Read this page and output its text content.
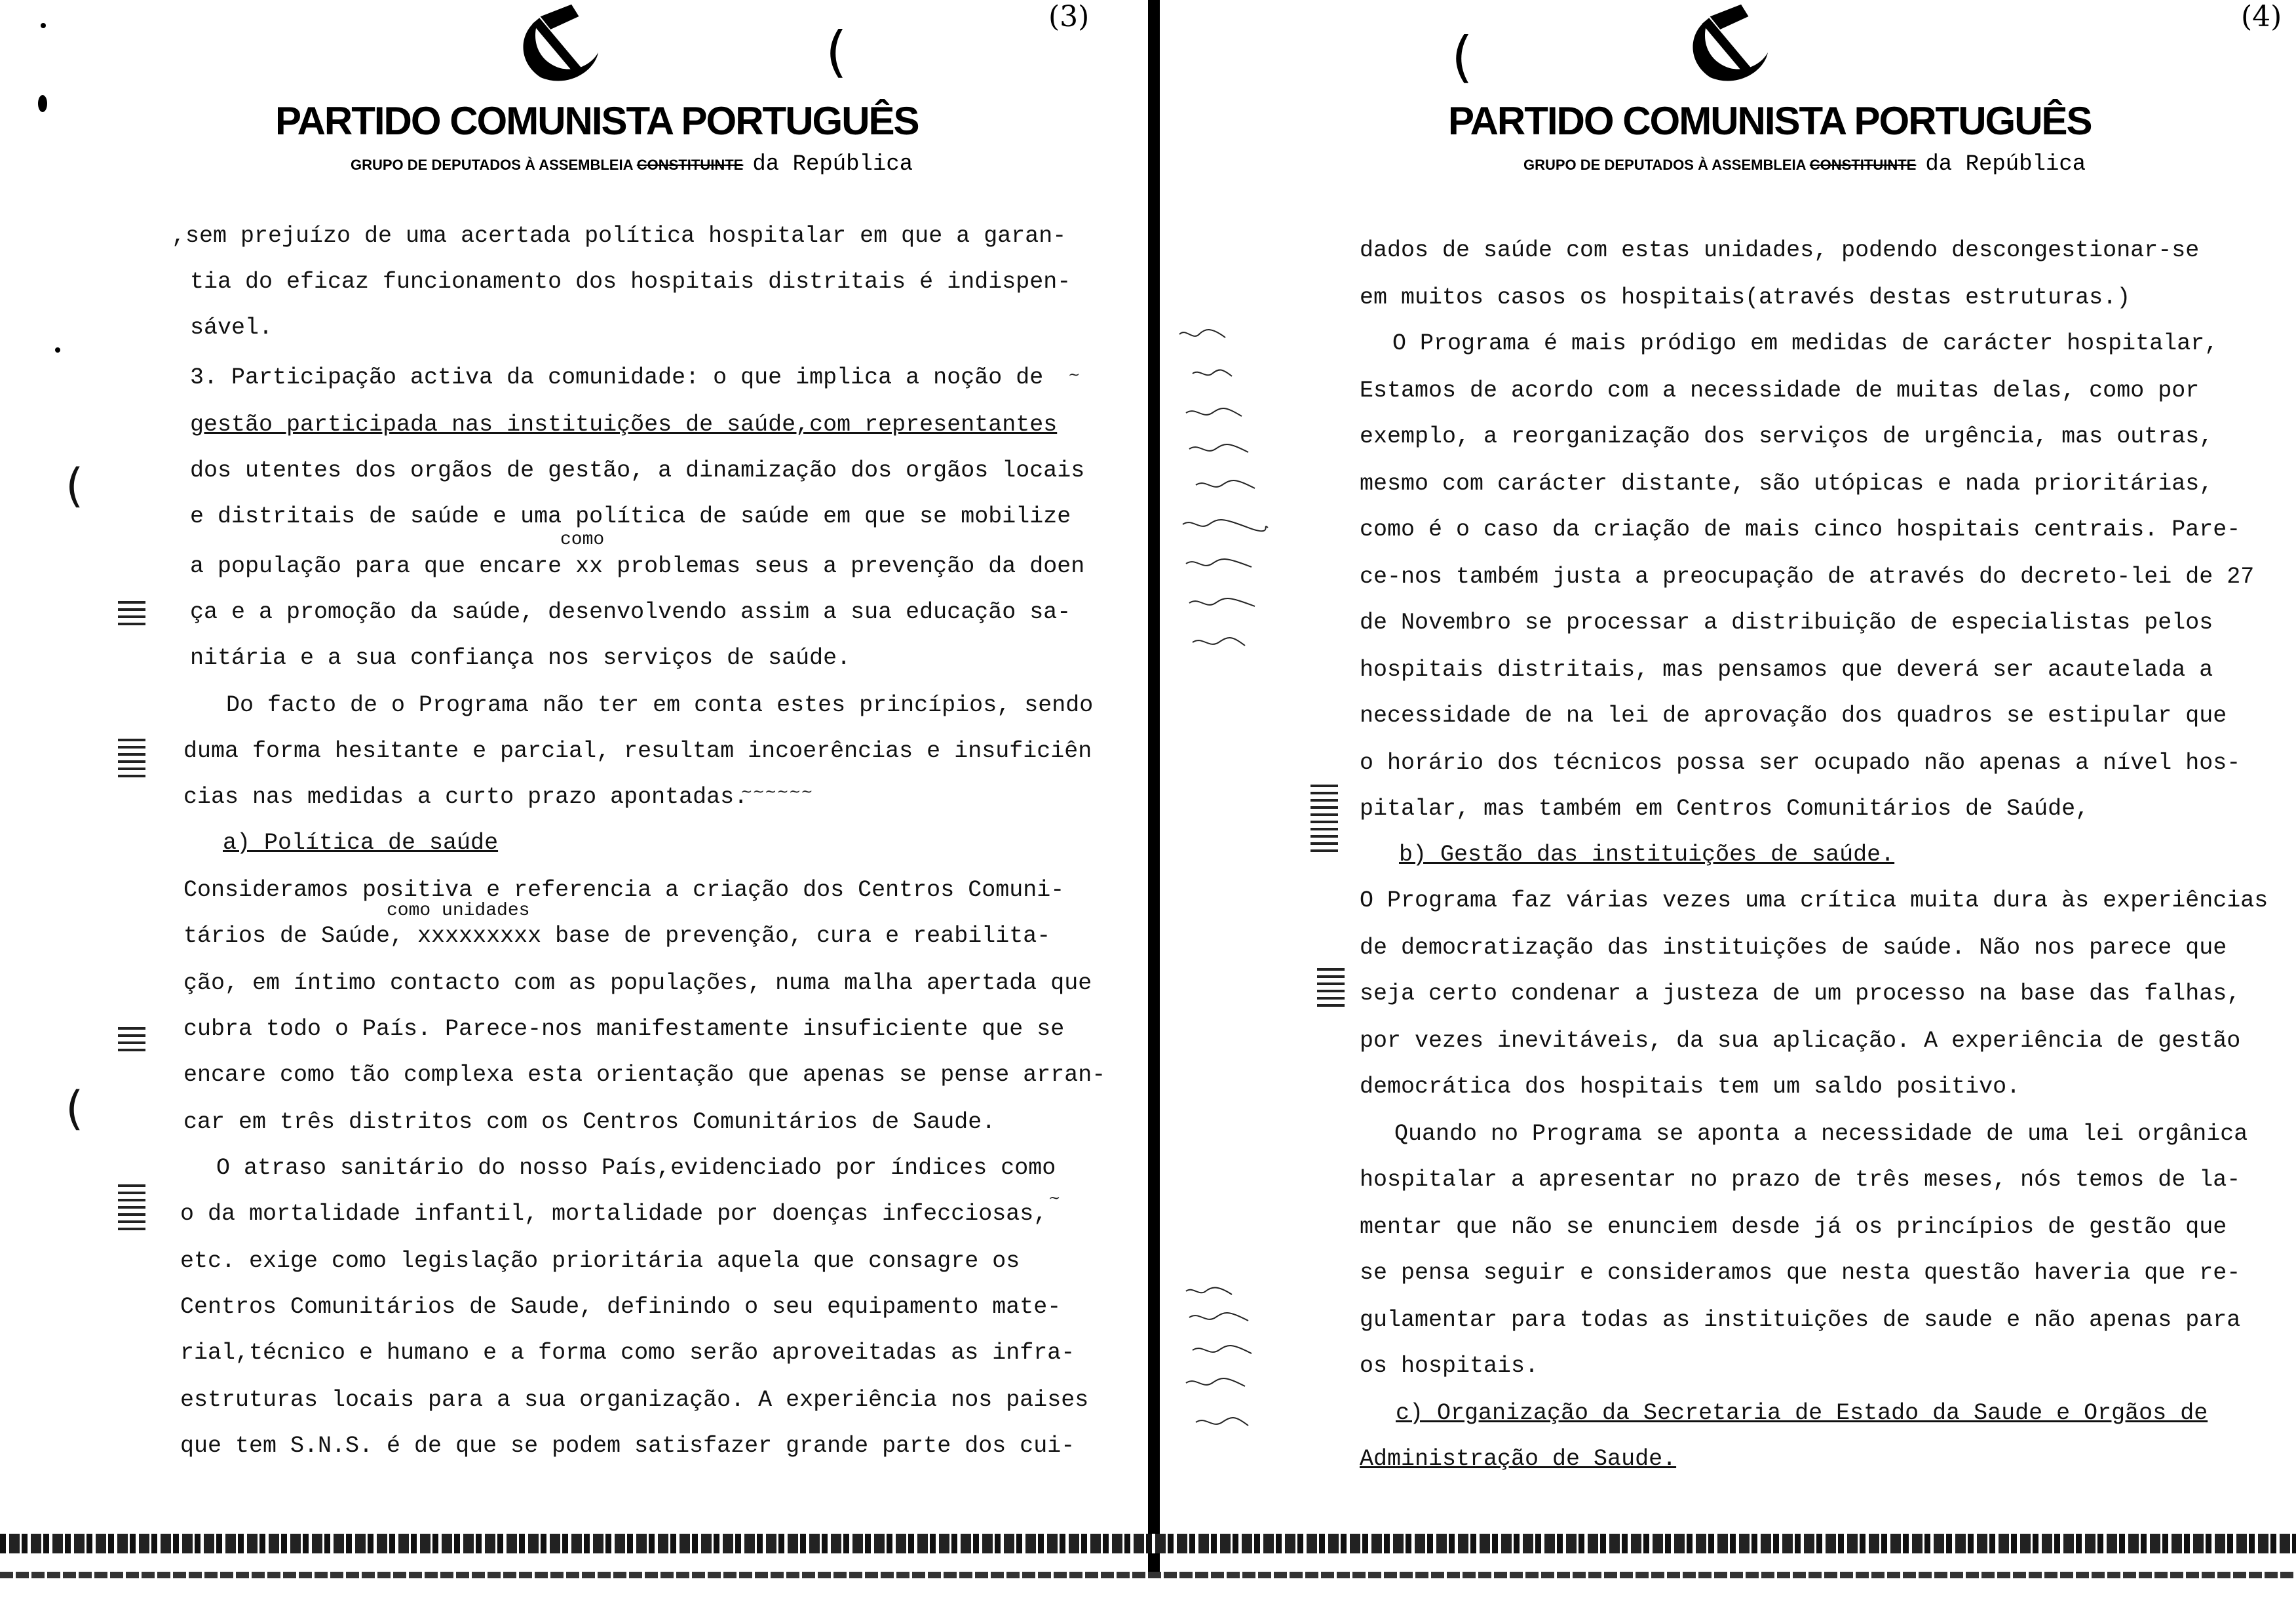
(3)
(
PARTIDO COMUNISTA PORTUGUÊS
GRUPO DE DEPUTADOS À ASSEMBLEIA CONSTITUINTE da República
,sem prejuízo de uma acertada política hospitalar em que a garan-
tia do eficaz funcionamento dos hospitais distritais é indispen-
sável.
3. Participação activa da comunidade: o que implica a noção de
gestão participada nas instituições de saúde,com representantes
dos utentes dos orgãos de gestão, a dinamização dos orgãos locais
e distritais de saúde e uma política de saúde em que se mobilize
a população para que encare xx problemas seus a prevenção da doen
ça e a promoção da saúde, desenvolvendo assim a sua educação sa-
nitária e a sua confiança nos serviços de saúde.
Do facto de o Programa não ter em conta estes princípios, sendo
duma forma hesitante e parcial, resultam incoerências e insuficiên
cias nas medidas a curto prazo apontadas.
a) Política de saúde
Consideramos positiva e referencia a criação dos Centros Comuni-
tários de Saúde, xxxxxxxxx base de prevenção, cura e reabilita-
ção, em íntimo contacto com as populações, numa malha apertada que
cubra todo o País. Parece-nos manifestamente insuficiente que se
encare como tão complexa esta orientação que apenas se pense arran-
car em três distritos com os Centros Comunitários de Saude.
O atraso sanitário do nosso País,evidenciado por índices como
o da mortalidade infantil, mortalidade por doenças infecciosas,
etc. exige como legislação prioritária aquela que consagre os
Centros Comunitários de Saude, definindo o seu equipamento mate-
rial,técnico e humano e a forma como serão aproveitadas as infra-
estruturas locais para a sua organização. A experiência nos paises
que tem S.N.S. é de que se podem satisfazer grande parte dos cui-
como
como unidades
~
~
~~~~~~
(
(
(4)
(
PARTIDO COMUNISTA PORTUGUÊS
GRUPO DE DEPUTADOS À ASSEMBLEIA CONSTITUINTE da República
dados de saúde com estas unidades, podendo descongestionar-se
em muitos casos os hospitais(através destas estruturas.)
O Programa é mais pródigo em medidas de carácter hospitalar,
Estamos de acordo com a necessidade de muitas delas, como por
exemplo, a reorganização dos serviços de urgência, mas outras,
mesmo com carácter distante, são utópicas e nada prioritárias,
como é o caso da criação de mais cinco hospitais centrais. Pare-
ce-nos também justa a preocupação de através do decreto-lei de 27
de Novembro se processar a distribuição de especialistas pelos
hospitais distritais, mas pensamos que deverá ser acautelada a
necessidade de na lei de aprovação dos quadros se estipular que
o horário dos técnicos possa ser ocupado não apenas a nível hos-
pitalar, mas também em Centros Comunitários de Saúde,
b) Gestão das instituições de saúde.
O Programa faz várias vezes uma crítica muita dura às experiências
de democratização das instituições de saúde. Não nos parece que
seja certo condenar a justeza de um processo na base das falhas,
por vezes inevitáveis, da sua aplicação. A experiência de gestão
democrática dos hospitais tem um saldo positivo.
Quando no Programa se aponta a necessidade de uma lei orgânica
hospitalar a apresentar no prazo de três meses, nós temos de la-
mentar que não se enunciem desde já os princípios de gestão que
se pensa seguir e consideramos que nesta questão haveria que re-
gulamentar para todas as instituições de saude e não apenas para
os hospitais.
c) Organização da Secretaria de Estado da Saude e Orgãos de
Administração de Saude.
